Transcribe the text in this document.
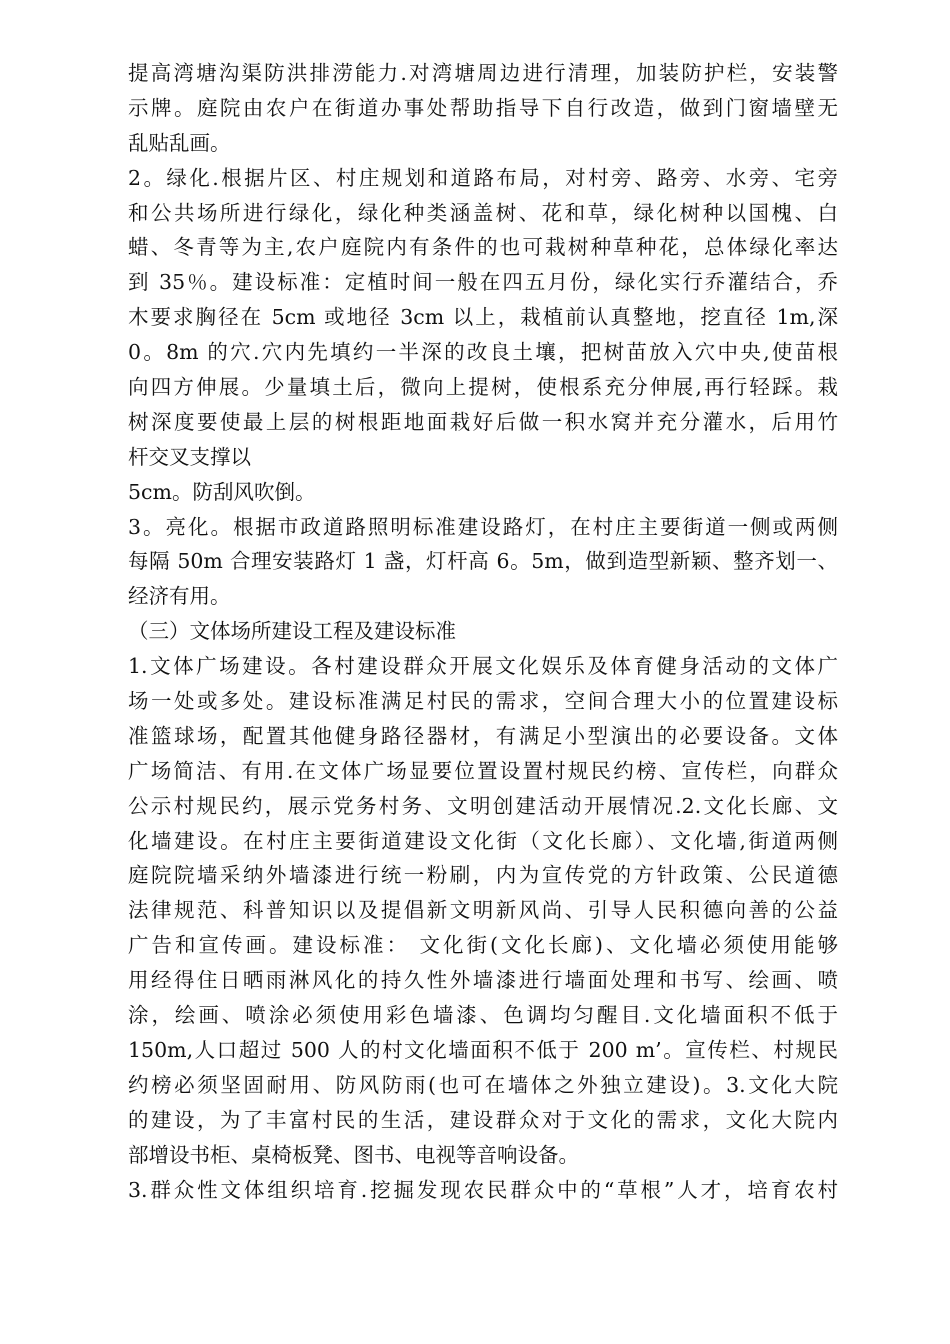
提高湾塘沟渠防洪排涝能力.对湾塘周边进行清理，加装防护栏，安装警
示牌。庭院由农户在街道办事处帮助指导下自行改造，做到门窗墙壁无
乱贴乱画。
2。绿化.根据片区、村庄规划和道路布局，对村旁、路旁、水旁、宅旁
和公共场所进行绿化，绿化种类涵盖树、花和草，绿化树种以国槐、白
蜡、冬青等为主,农户庭院内有条件的也可栽树种草种花，总体绿化率达
到 35％。建设标准：定植时间一般在四五月份，绿化实行乔灌结合，乔
木要求胸径在 5cm 或地径 3cm 以上，栽植前认真整地，挖直径 1m,深
0。8m 的穴.穴内先填约一半深的改良土壤，把树苗放入穴中央,使苗根
向四方伸展。少量填土后，微向上提树，使根系充分伸展,再行轻踩。栽
树深度要使最上层的树根距地面栽好后做一积水窝并充分灌水，后用竹
杆交叉支撑以
5cm。防刮风吹倒。
3。亮化。根据市政道路照明标准建设路灯，在村庄主要街道一侧或两侧
每隔 50m 合理安装路灯 1 盏，灯杆高 6。5m，做到造型新颖、整齐划一、
经济有用。
（三）文体场所建设工程及建设标准
1.文体广场建设。各村建设群众开展文化娱乐及体育健身活动的文体广
场一处或多处。建设标准满足村民的需求，空间合理大小的位置建设标
准篮球场，配置其他健身路径器材，有满足小型演出的必要设备。文体
广场简洁、有用.在文体广场显要位置设置村规民约榜、宣传栏，向群众
公示村规民约，展示党务村务、文明创建活动开展情况.2.文化长廊、文
化墙建设。在村庄主要街道建设文化街（文化长廊）、文化墙,街道两侧
庭院院墙采纳外墙漆进行统一粉刷，内为宣传党的方针政策、公民道德
法律规范、科普知识以及提倡新文明新风尚、引导人民积德向善的公益
广告和宣传画。建设标准： 文化街(文化长廊)、文化墙必须使用能够
用经得住日晒雨淋风化的持久性外墙漆进行墙面处理和书写、绘画、喷
涂，绘画、喷涂必须使用彩色墙漆、色调均匀醒目.文化墙面积不低于
150m,人口超过 500 人的村文化墙面积不低于 200 m’。宣传栏、村规民
约榜必须坚固耐用、防风防雨(也可在墙体之外独立建设)。3.文化大院
的建设，为了丰富村民的生活，建设群众对于文化的需求，文化大院内
部增设书柜、桌椅板凳、图书、电视等音响设备。
3.群众性文体组织培育.挖掘发现农民群众中的“草根”人才，培育农村
